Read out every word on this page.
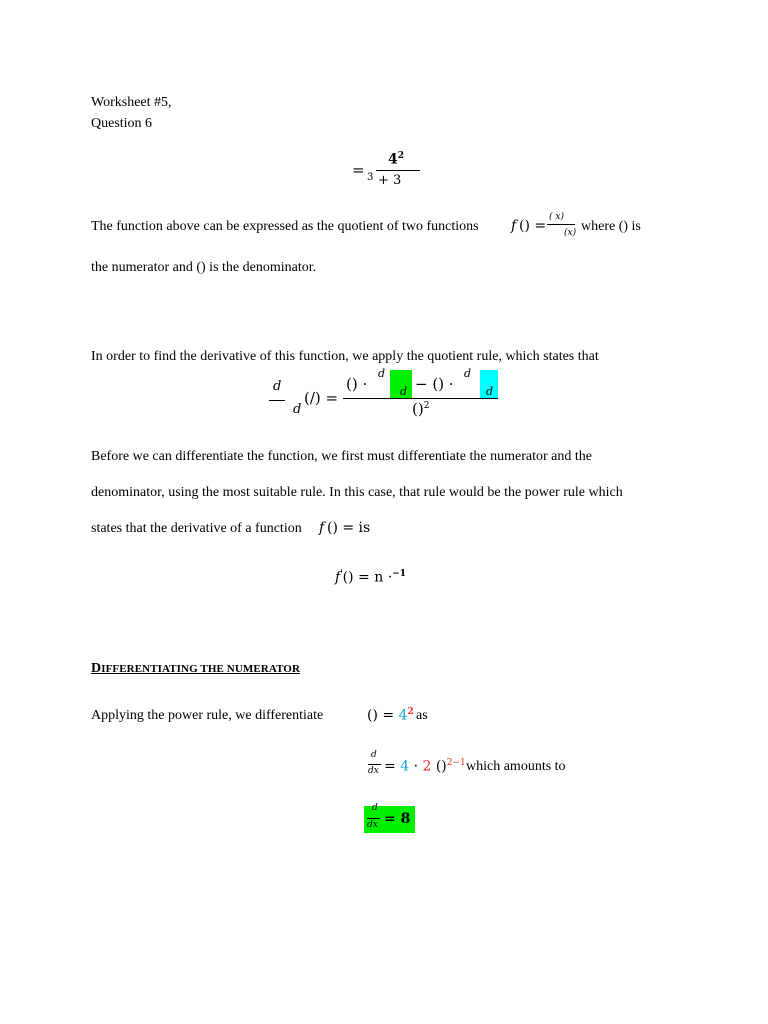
Worksheet #5,
Question 6
= 3
$4^2$
+ 3
The function above can be expressed as the quotient of two functions f () =
( x)
(x) where () is
the numerator and () is the denominator.
In order to find the derivative of this function, we apply the quotient rule, which states that
d
d
(/) =
() ·
d
d − () ·
d
d
()$^2$
Before we can differentiate the function, we first must differentiate the numerator and the
denominator, using the most suitable rule. In this case, that rule would be the power rule which
states that the derivative of a function f () = is
f'() = n ·$^{-1}$
DIFFERENTIATING THE NUMERATOR
Applying the power rule, we differentiate	() = $4^2$ as
d
dx = 4 · 2 ()$^{2-1}$ which amounts to
d
dx = 8
